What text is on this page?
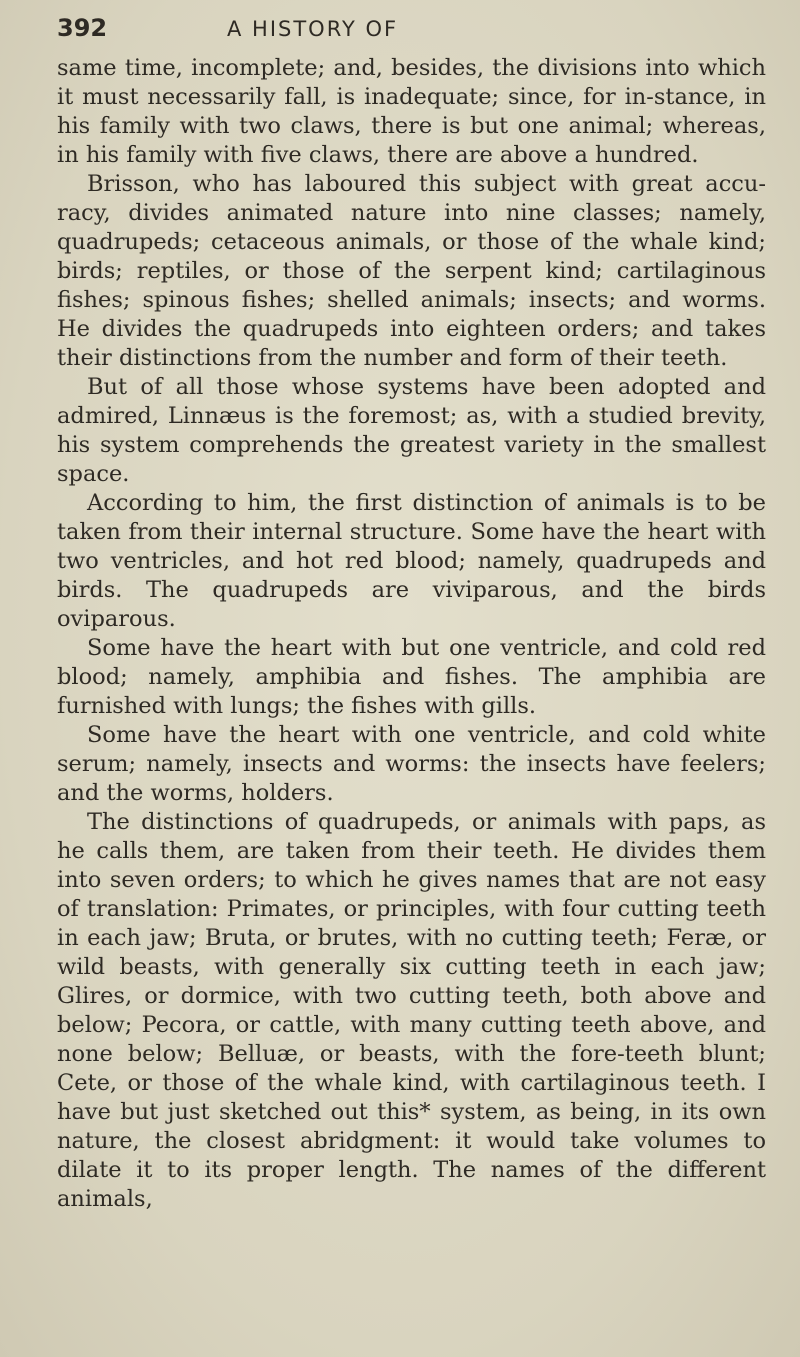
392	A HISTORY OF

same time, incomplete; and, besides, the divisions into which it must necessarily fall, is inadequate; since, for in-stance, in his family with two claws, there is but one animal; whereas, in his family with five claws, there are above a hundred.

Brisson, who has laboured this subject with great accu-racy, divides animated nature into nine classes; namely, quadrupeds; cetaceous animals, or those of the whale kind; birds; reptiles, or those of the serpent kind; cartilaginous fishes; spinous fishes; shelled animals; insects; and worms. He divides the quadrupeds into eighteen orders; and takes their distinctions from the number and form of their teeth.

But of all those whose systems have been adopted and admired, Linnæus is the foremost; as, with a studied brevity, his system comprehends the greatest variety in the smallest space.

According to him, the first distinction of animals is to be taken from their internal structure. Some have the heart with two ventricles, and hot red blood; namely, quadrupeds and birds. The quadrupeds are viviparous, and the birds oviparous.

Some have the heart with but one ventricle, and cold red blood; namely, amphibia and fishes. The amphibia are furnished with lungs; the fishes with gills.

Some have the heart with one ventricle, and cold white serum; namely, insects and worms: the insects have feelers; and the worms, holders.

The distinctions of quadrupeds, or animals with paps, as he calls them, are taken from their teeth. He divides them into seven orders; to which he gives names that are not easy of translation: Primates, or principles, with four cutting teeth in each jaw; Bruta, or brutes, with no cutting teeth; Feræ, or wild beasts, with generally six cutting teeth in each jaw; Glires, or dormice, with two cutting teeth, both above and below; Pecora, or cattle, with many cutting teeth above, and none below; Belluæ, or beasts, with the fore-teeth blunt; Cete, or those of the whale kind, with cartilaginous teeth. I have but just sketched out this* system, as being, in its own nature, the closest abridgment: it would take volumes to dilate it to its proper length. The names of the different animals,
